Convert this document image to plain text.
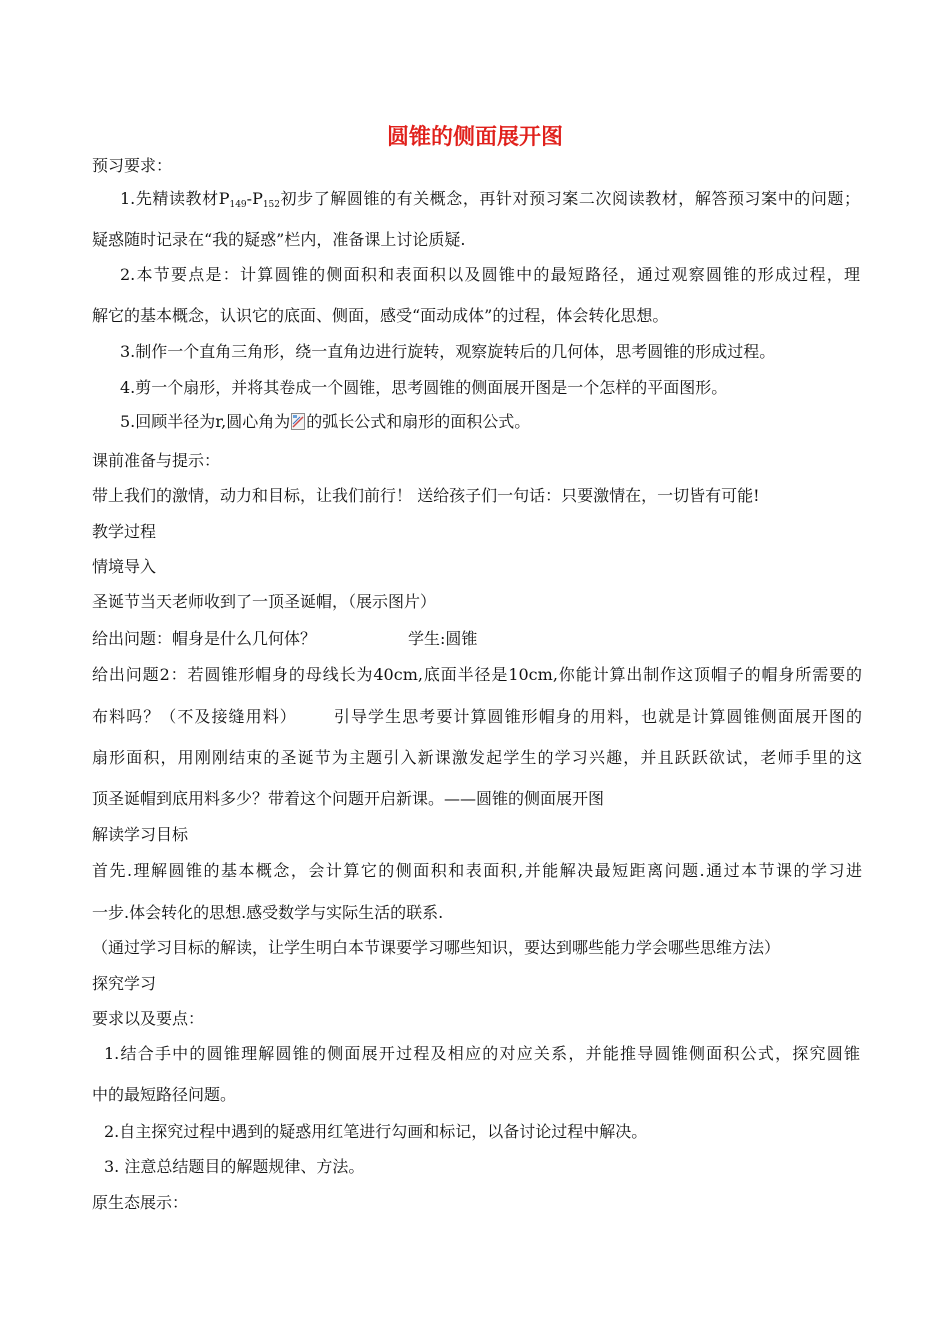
圆锥的侧面展开图

预习要求：

1.先精读教材$P_{149}-P_{152}$初步了解圆锥的有关概念，再针对预习案二次阅读教材，解答预习案中的问题；

疑惑随时记录在“我的疑惑”栏内，准备课上讨论质疑.

2.本节要点是：计算圆锥的侧面积和表面积以及圆锥中的最短路径，通过观察圆锥的形成过程，理

解它的基本概念，认识它的底面、侧面，感受“面动成体”的过程，体会转化思想。

3.制作一个直角三角形，绕一直角边进行旋转，观察旋转后的几何体，思考圆锥的形成过程。

4.剪一个扇形，并将其卷成一个圆锥，思考圆锥的侧面展开图是一个怎样的平面图形。

5.回顾半径为r,圆心角为 的弧长公式和扇形的面积公式。

课前准备与提示：

带上我们的激情，动力和目标，让我们前行！ 送给孩子们一句话：只要激情在，一切皆有可能!

教学过程

情境导入

圣诞节当天老师收到了一顶圣诞帽，（展示图片）

给出问题：帽身是什么几何体？	学生:圆锥

给出问题2：若圆锥形帽身的母线长为40cm,底面半径是10cm,你能计算出制作这顶帽子的帽身所需要的

布料吗？（不及接缝用料） 引导学生思考要计算圆锥形帽身的用料，也就是计算圆锥侧面展开图的

扇形面积，用刚刚结束的圣诞节为主题引入新课激发起学生的学习兴趣，并且跃跃欲试，老师手里的这

顶圣诞帽到底用料多少？带着这个问题开启新课。——圆锥的侧面展开图

解读学习目标

首先.理解圆锥的基本概念，会计算它的侧面积和表面积,并能解决最短距离问题.通过本节课的学习进

一步.体会转化的思想.感受数学与实际生活的联系.

（通过学习目标的解读，让学生明白本节课要学习哪些知识，要达到哪些能力学会哪些思维方法）

探究学习

要求以及要点：

1.结合手中的圆锥理解圆锥的侧面展开过程及相应的对应关系，并能推导圆锥侧面积公式，探究圆锥

中的最短路径问题。

2.自主探究过程中遇到的疑惑用红笔进行勾画和标记，以备讨论过程中解决。

3. 注意总结题目的解题规律、方法。

原生态展示：
